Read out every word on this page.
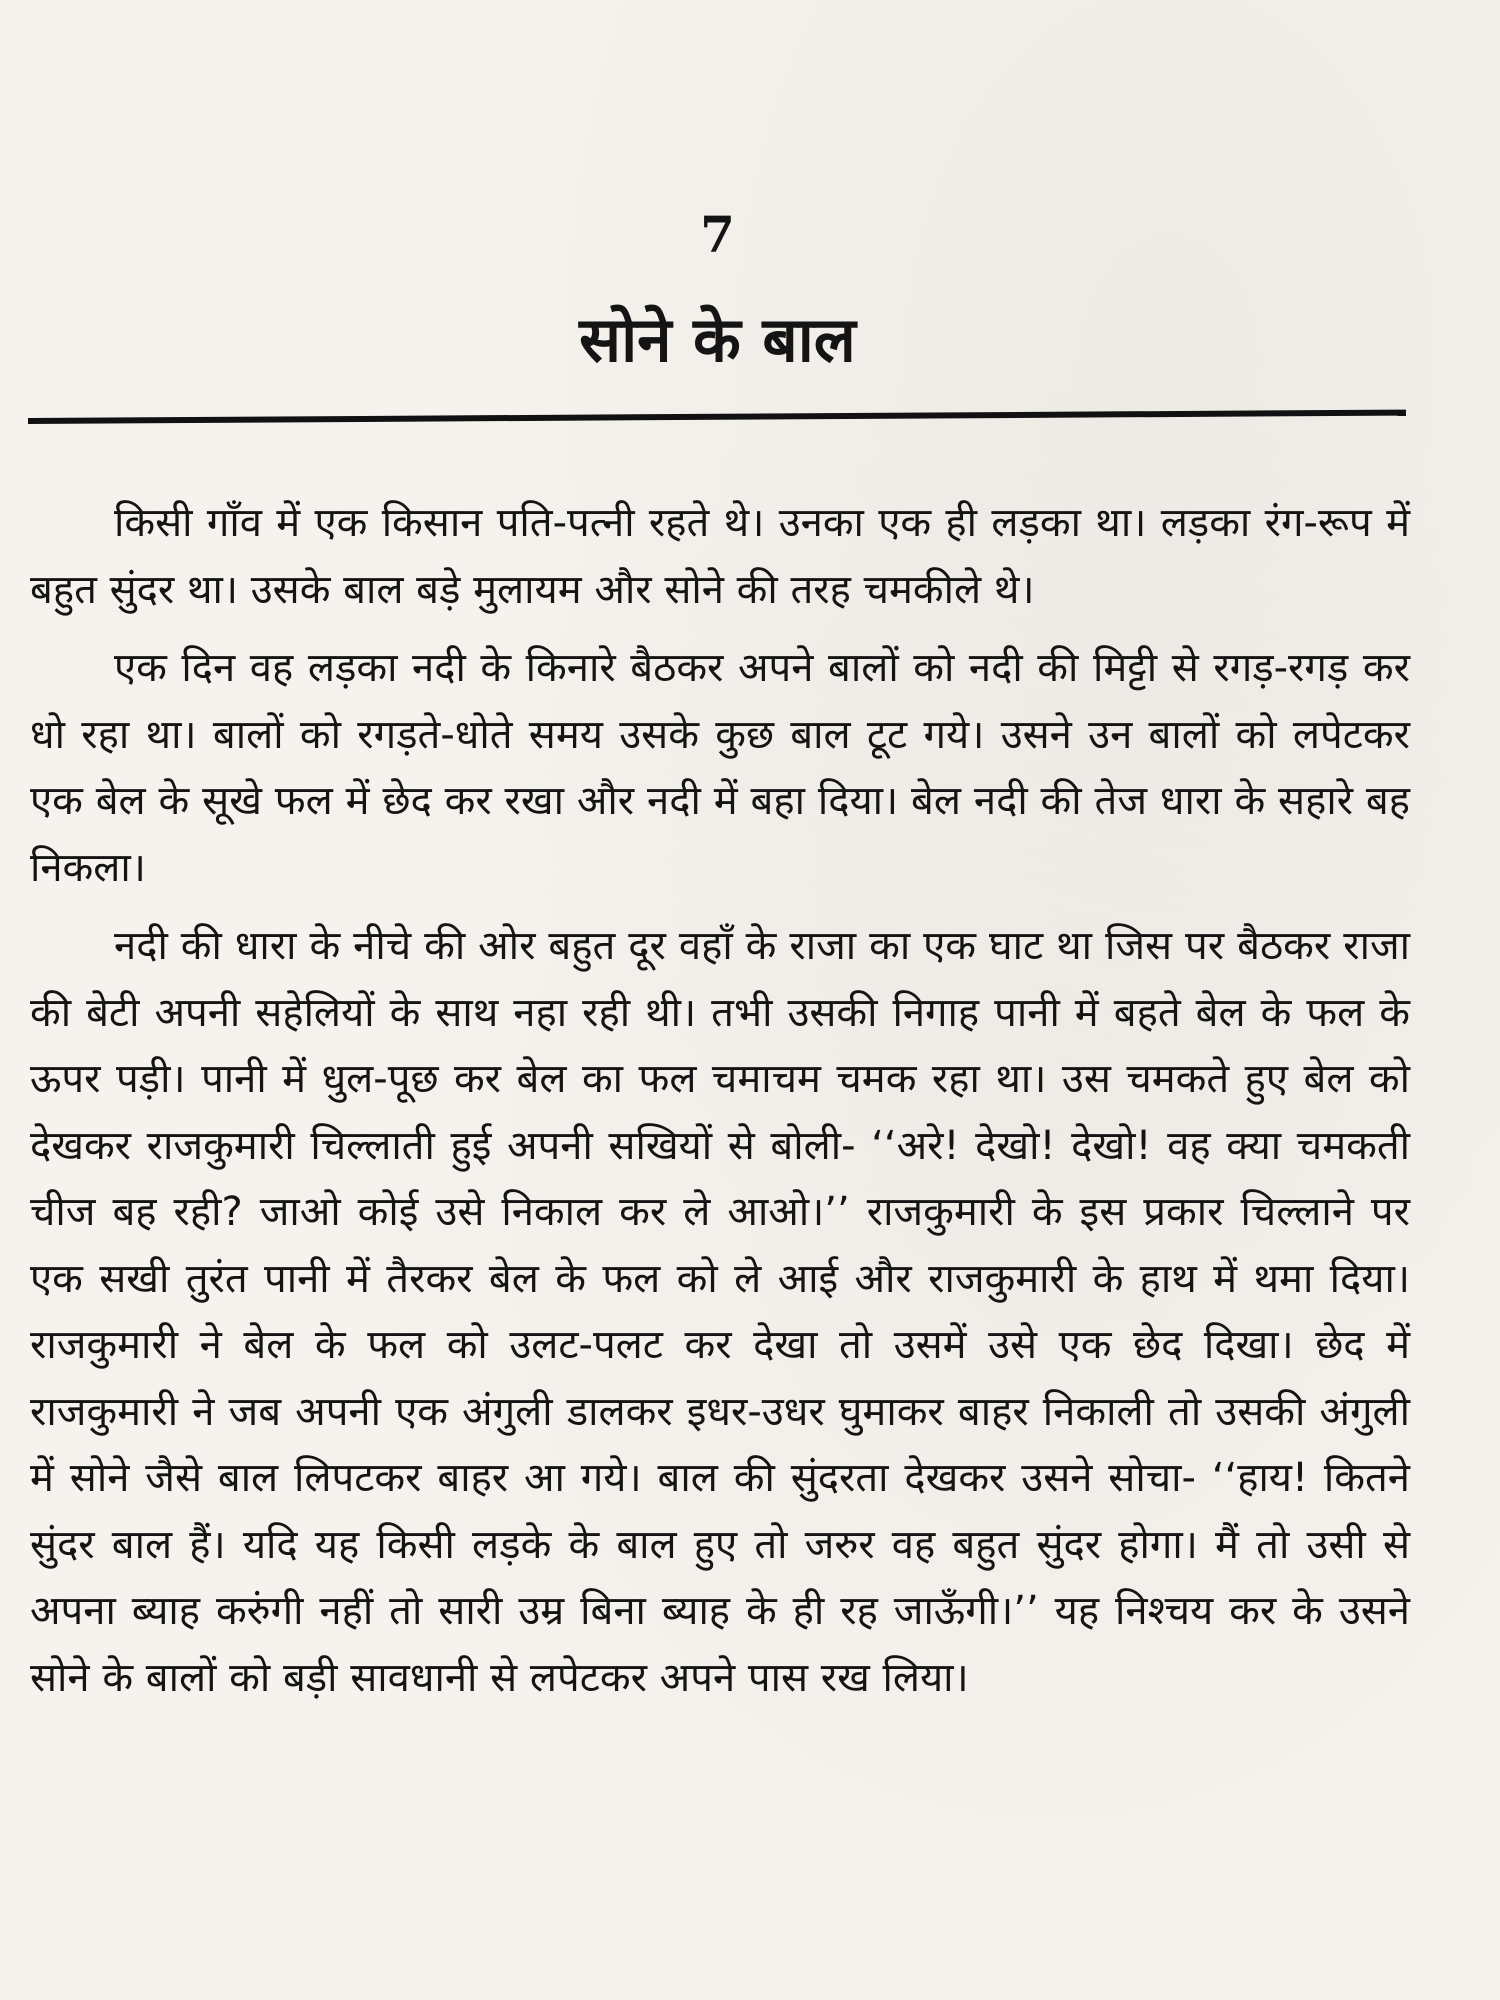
7
सोने के बाल

किसी गाँव में एक किसान पति-पत्नी रहते थे। उनका एक ही लड़का था। लड़का रंग-रूप में बहुत सुंदर था। उसके बाल बड़े मुलायम और सोने की तरह चमकीले थे।

एक दिन वह लड़का नदी के किनारे बैठकर अपने बालों को नदी की मिट्टी से रगड़-रगड़ कर धो रहा था। बालों को रगड़ते-धोते समय उसके कुछ बाल टूट गये। उसने उन बालों को लपेटकर एक बेल के सूखे फल में छेद कर रखा और नदी में बहा दिया। बेल नदी की तेज धारा के सहारे बह निकला।

नदी की धारा के नीचे की ओर बहुत दूर वहाँ के राजा का एक घाट था जिस पर बैठकर राजा की बेटी अपनी सहेलियों के साथ नहा रही थी। तभी उसकी निगाह पानी में बहते बेल के फल के ऊपर पड़ी। पानी में धुल-पूछ कर बेल का फल चमाचम चमक रहा था। उस चमकते हुए बेल को देखकर राजकुमारी चिल्लाती हुई अपनी सखियों से बोली- ‘‘अरे! देखो! देखो! वह क्या चमकती चीज बह रही? जाओ कोई उसे निकाल कर ले आओ।’’ राजकुमारी के इस प्रकार चिल्लाने पर एक सखी तुरंत पानी में तैरकर बेल के फल को ले आई और राजकुमारी के हाथ में थमा दिया। राजकुमारी ने बेल के फल को उलट-पलट कर देखा तो उसमें उसे एक छेद दिखा। छेद में राजकुमारी ने जब अपनी एक अंगुली डालकर इधर-उधर घुमाकर बाहर निकाली तो उसकी अंगुली में सोने जैसे बाल लिपटकर बाहर आ गये। बाल की सुंदरता देखकर उसने सोचा- ‘‘हाय! कितने सुंदर बाल हैं। यदि यह किसी लड़के के बाल हुए तो जरुर वह बहुत सुंदर होगा। मैं तो उसी से अपना ब्याह करुंगी नहीं तो सारी उम्र बिना ब्याह के ही रह जाऊँगी।’’ यह निश्चय कर के उसने सोने के बालों को बड़ी सावधानी से लपेटकर अपने पास रख लिया।
